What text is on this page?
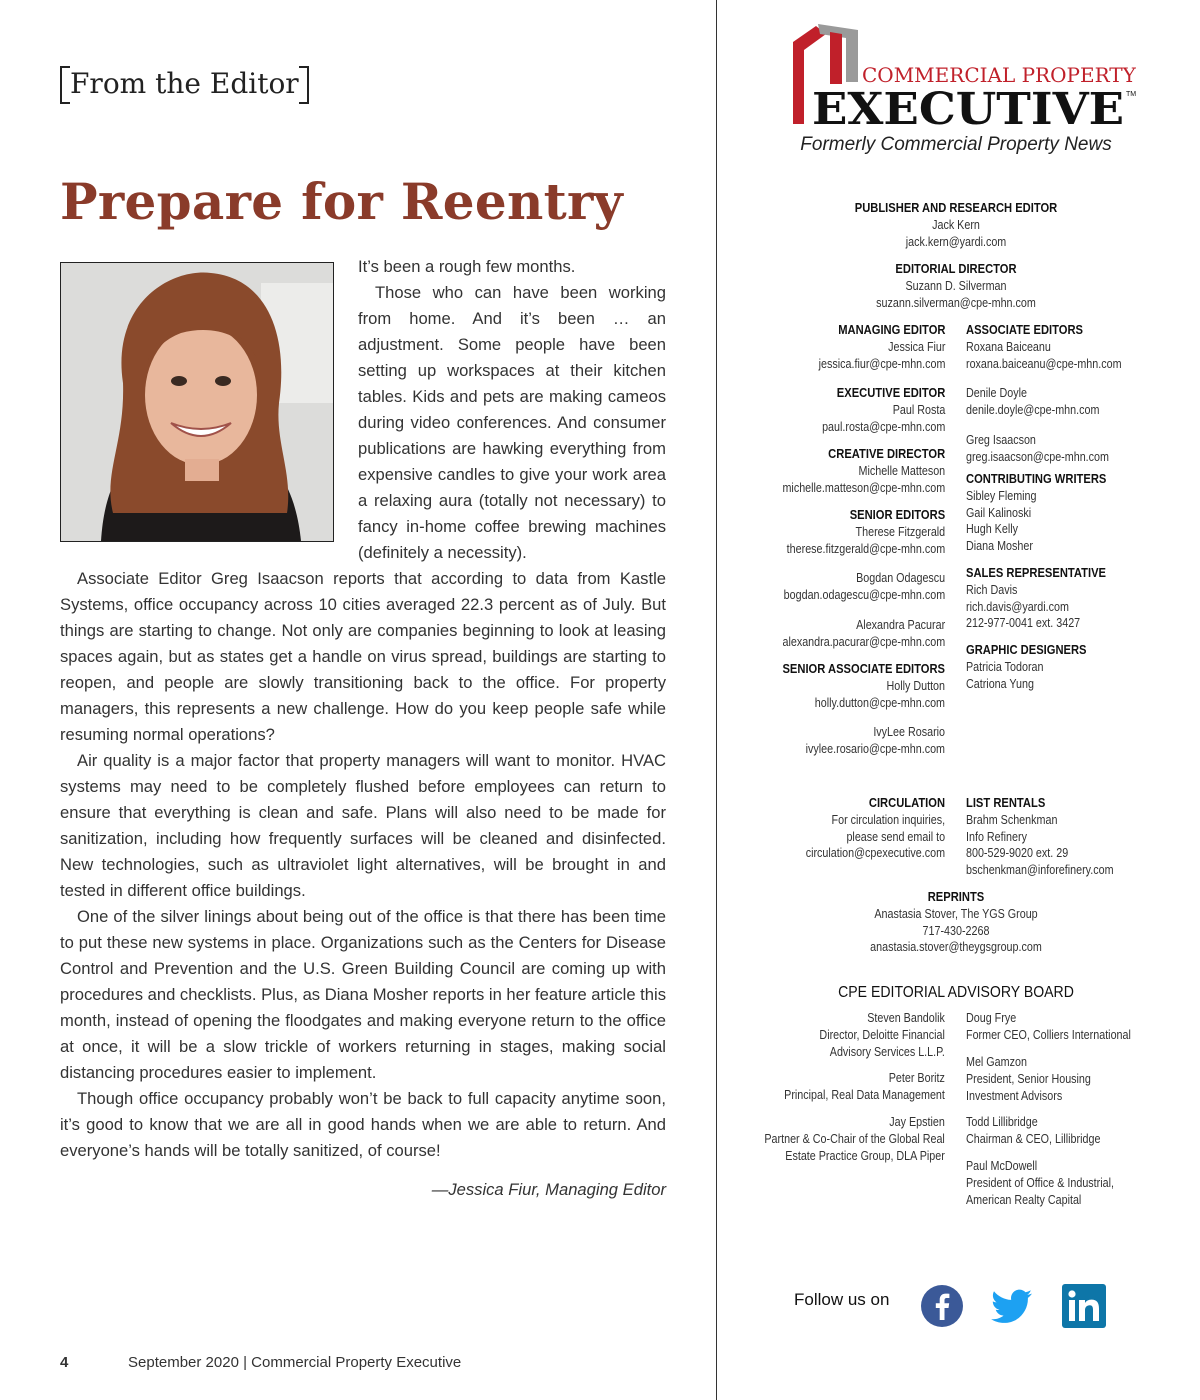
From the Editor
Prepare for Reentry

It’s been a rough few months.

Those who can have been working from home. And it’s been … an adjustment. Some people have been setting up workspaces at their kitchen tables. Kids and pets are making cameos during video conferences. And consumer publications are hawking everything from expensive candles to give your work area a relaxing aura (totally not necessary) to fancy in-home coffee brewing machines (definitely a necessity).

Associate Editor Greg Isaacson reports that according to data from Kastle Systems, office occupancy across 10 cities averaged 22.3 percent as of July. But things are starting to change. Not only are companies beginning to look at leasing spaces again, but as states get a handle on virus spread, buildings are starting to reopen, and people are slowly transitioning back to the office. For property managers, this represents a new challenge. How do you keep people safe while resuming normal operations?

Air quality is a major factor that property managers will want to monitor. HVAC systems may need to be completely flushed before employees can return to ensure that everything is clean and safe. Plans will also need to be made for sanitization, including how frequently surfaces will be cleaned and disinfected. New technologies, such as ultraviolet light alternatives, will be brought in and tested in different office buildings.

One of the silver linings about being out of the office is that there has been time to put these new systems in place. Organizations such as the Centers for Disease Control and Prevention and the U.S. Green Building Council are coming up with procedures and checklists. Plus, as Diana Mosher reports in her feature article this month, instead of opening the floodgates and making everyone return to the office at once, it will be a slow trickle of workers returning in stages, making social distancing procedures easier to implement.

Though office occupancy probably won’t be back to full capacity anytime soon, it’s good to know that we are all in good hands when we are able to return. And everyone’s hands will be totally sanitized, of course!

—Jessica Fiur, Managing Editor
4	September 2020 | Commercial Property Executive
COMMERCIAL PROPERTY
EXECUTIVE TM
Formerly Commercial Property News
PUBLISHER AND RESEARCH EDITOR
Jack Kern
jack.kern@yardi.com
EDITORIAL DIRECTOR
Suzann D. Silverman
suzann.silverman@cpe-mhn.com
MANAGING EDITOR
Jessica Fiur
jessica.fiur@cpe-mhn.com
EXECUTIVE EDITOR
Paul Rosta
paul.rosta@cpe-mhn.com
CREATIVE DIRECTOR
Michelle Matteson
michelle.matteson@cpe-mhn.com
SENIOR EDITORS
Therese Fitzgerald
therese.fitzgerald@cpe-mhn.com
Bogdan Odagescu
bogdan.odagescu@cpe-mhn.com
Alexandra Pacurar
alexandra.pacurar@cpe-mhn.com
SENIOR ASSOCIATE EDITORS
Holly Dutton
holly.dutton@cpe-mhn.com
IvyLee Rosario
ivylee.rosario@cpe-mhn.com
CIRCULATION
For circulation inquiries,
please send email to
circulation@cpexecutive.com
ASSOCIATE EDITORS
Roxana Baiceanu
roxana.baiceanu@cpe-mhn.com
Denile Doyle
denile.doyle@cpe-mhn.com
Greg Isaacson
greg.isaacson@cpe-mhn.com
CONTRIBUTING WRITERS
Sibley Fleming
Gail Kalinoski
Hugh Kelly
Diana Mosher
SALES REPRESENTATIVE
Rich Davis
rich.davis@yardi.com
212-977-0041 ext. 3427
GRAPHIC DESIGNERS
Patricia Todoran
Catriona Yung
LIST RENTALS
Brahm Schenkman
Info Refinery
800-529-9020 ext. 29
bschenkman@inforefinery.com
REPRINTS
Anastasia Stover, The YGS Group
717-430-2268
anastasia.stover@theygsgroup.com
CPE EDITORIAL ADVISORY BOARD
Steven Bandolik
Director, Deloitte Financial
Advisory Services L.L.P.
Peter Boritz
Principal, Real Data Management
Jay Epstien
Partner & Co-Chair of the Global Real
Estate Practice Group, DLA Piper
Doug Frye
Former CEO, Colliers International
Mel Gamzon
President, Senior Housing
Investment Advisors
Todd Lillibridge
Chairman & CEO, Lillibridge
Paul McDowell
President of Office & Industrial,
American Realty Capital
Follow us on
